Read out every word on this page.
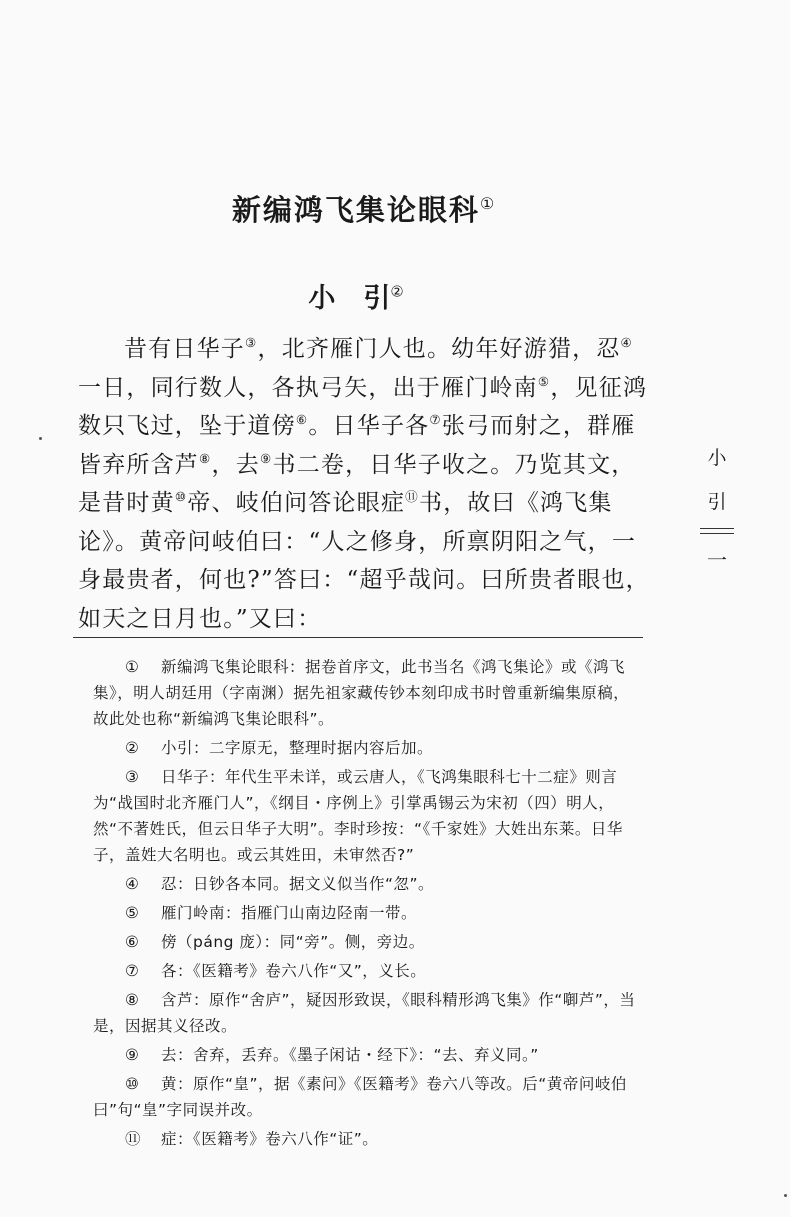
新编鸿飞集论眼科①
小 引②

昔有日华子③，北齐雁门人也。幼年好游猎，忍④一日，同行数人，各执弓矢，出于雁门岭南⑤，见征鸿数只飞过，坠于道傍⑥。日华子各⑦张弓而射之，群雁皆弃所含芦⑧，去⑨书二卷，日华子收之。乃览其文，是昔时黄⑩帝、岐伯问答论眼症⑪书，故曰《鸿飞集论》。黄帝问岐伯曰：“人之修身，所禀阴阳之气，一身最贵者，何也?”答曰：“超乎哉问。曰所贵者眼也，如天之日月也。”又曰：

① 新编鸿飞集论眼科：据卷首序文，此书当名《鸿飞集论》或《鸿飞集》，明人胡廷用（字南渊）据先祖家藏传钞本刻印成书时曾重新编集原稿，故此处也称“新编鸿飞集论眼科”。

② 小引：二字原无，整理时据内容后加。

③ 日华子：年代生平未详，或云唐人，《飞鸿集眼科七十二症》则言为“战国时北齐雁门人”，《纲目・序例上》引掌禹锡云为宋初（四）明人，然“不著姓氏，但云日华子大明”。李时珍按：“《千家姓》大姓出东莱。日华子，盖姓大名明也。或云其姓田，未审然否?”

④ 忍：日钞各本同。据文义似当作“忽”。

⑤ 雁门岭南：指雁门山南边陉南一带。

⑥ 傍（páng 庞）：同“旁”。侧，旁边。

⑦ 各：《医籍考》卷六八作“又”，义长。

⑧ 含芦：原作“舍庐”，疑因形致误，《眼科精形鸿飞集》作“啣芦”，当是，因据其义径改。

⑨ 去：舍弃，丢弃。《墨子闲诂・经下》：“去、弃义同。”

⑩ 黄：原作“皇”，据《素问》《医籍考》卷六八等改。后“黄帝问岐伯曰”句“皇”字同误并改。

⑪ 症：《医籍考》卷六八作“证”。

小
引
一
